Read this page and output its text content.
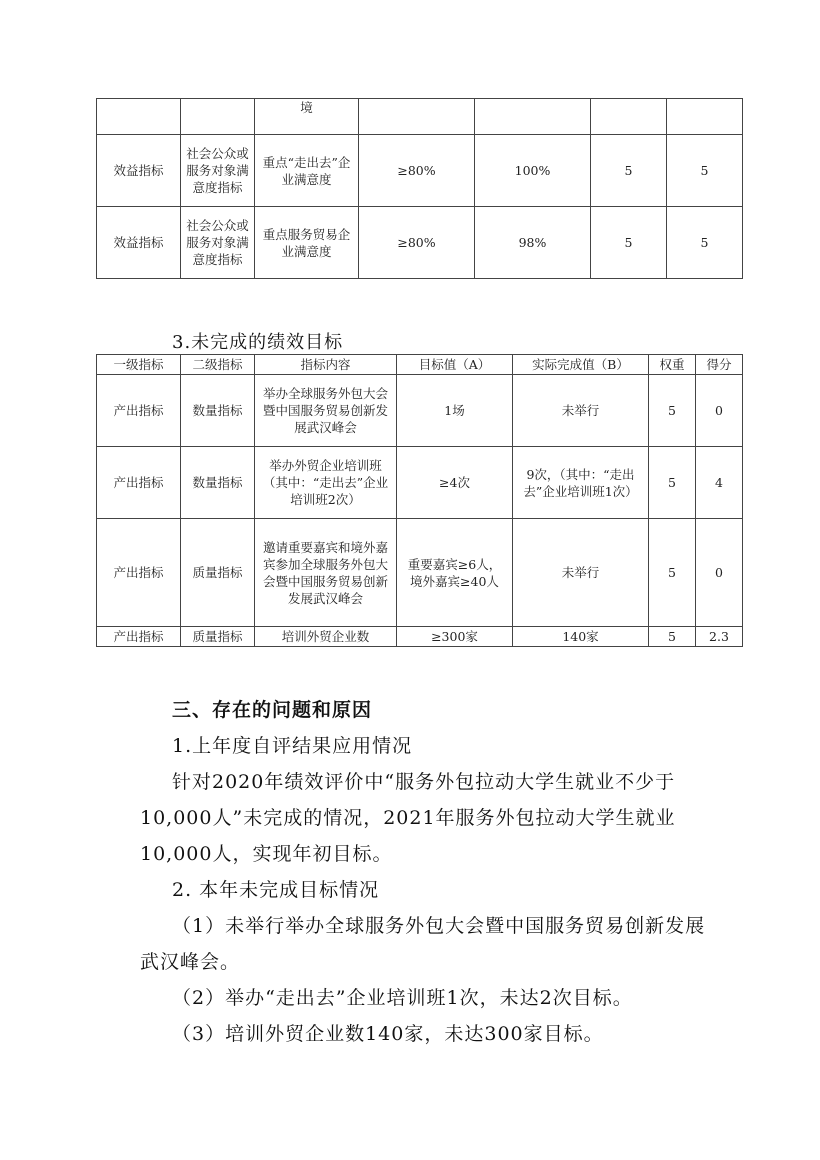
		境				
效益指标	社会公众或服务对象满意度指标	重点“走出去”企业满意度	≥80%	100%	5	5
效益指标	社会公众或服务对象满意度指标	重点服务贸易企业满意度	≥80%	98%	5	5
3.未完成的绩效目标
一级指标	二级指标	指标内容	目标值（A）	实际完成值（B）	权重	得分
产出指标	数量指标	举办全球服务外包大会暨中国服务贸易创新发展武汉峰会	1场	未举行	5	0
产出指标	数量指标	举办外贸企业培训班（其中：“走出去”企业培训班2次）	≥4次	9次，（其中：“走出去”企业培训班1次）	5	4
产出指标	质量指标	邀请重要嘉宾和境外嘉宾参加全球服务外包大会暨中国服务贸易创新发展武汉峰会	重要嘉宾≥6人，境外嘉宾≥40人	未举行	5	0
产出指标	质量指标	培训外贸企业数	≥300家	140家	5	2.3

三、存在的问题和原因

1.上年度自评结果应用情况

针对2020年绩效评价中“服务外包拉动大学生就业不少于10,000人”未完成的情况，2021年服务外包拉动大学生就业10,000人，实现年初目标。

2. 本年未完成目标情况

（1）未举行举办全球服务外包大会暨中国服务贸易创新发展武汉峰会。

（2）举办“走出去”企业培训班1次，未达2次目标。

（3）培训外贸企业数140家，未达300家目标。
